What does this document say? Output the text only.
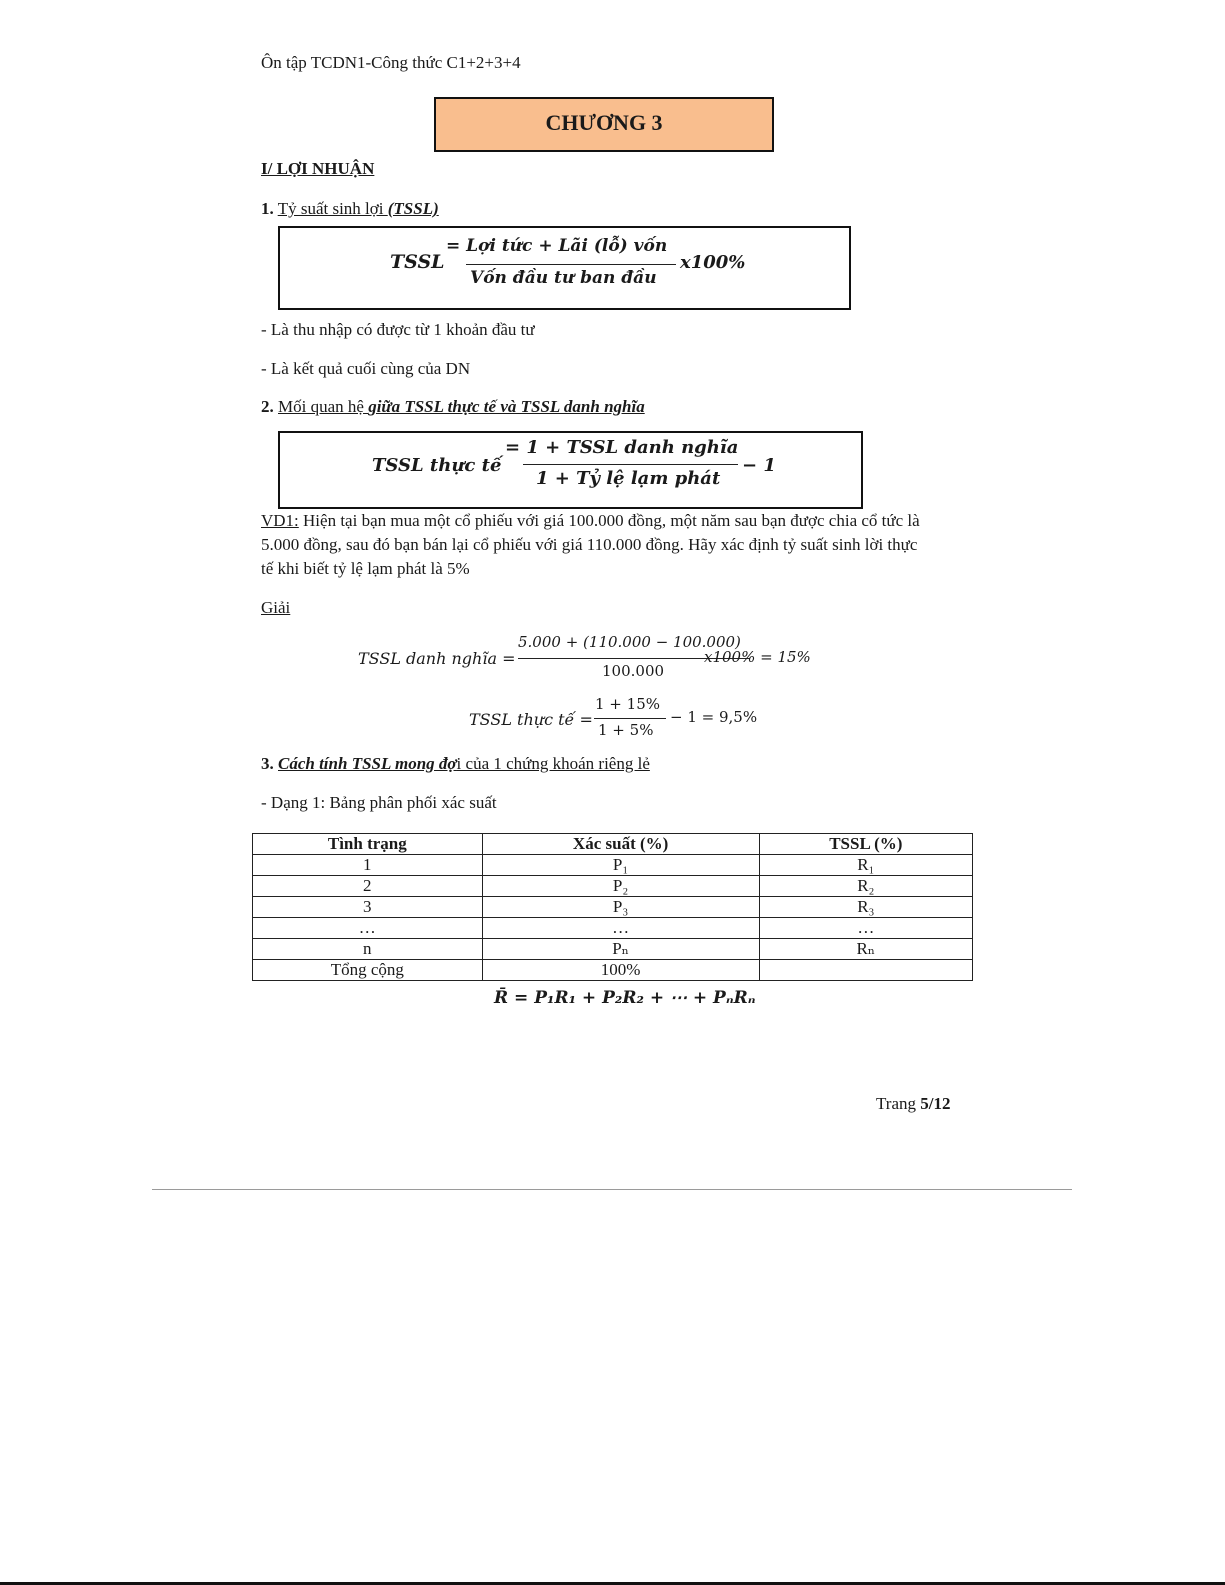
Ôn tập TCDN1-Công thức C1+2+3+4
CHƯƠNG 3
I/ LỢI NHUẬN
1. Tỷ suất sinh lợi (TSSL)
TSSL
= Lợi tức + Lãi (lỗ) vốn
Vốn đầu tư ban đầu
x100%
- Là thu nhập có được từ 1 khoản đầu tư
- Là kết quả cuối cùng của DN
2. Mối quan hệ giữa TSSL thực tế và TSSL danh nghĩa
TSSL thực tế
= 1 + TSSL danh nghĩa
1 + Tỷ lệ lạm phát
− 1
VD1: Hiện tại bạn mua một cổ phiếu với giá 100.000 đồng, một năm sau bạn được chia cổ tức là
5.000 đồng, sau đó bạn bán lại cổ phiếu với giá 110.000 đồng. Hãy xác định tỷ suất sinh lời thực
tế khi biết tỷ lệ lạm phát là 5%
Giải
TSSL danh nghĩa =
5.000 + (110.000 − 100.000)
100.000
x100% = 15%
TSSL thực tế =
1 + 15%
1 + 5%
− 1 = 9,5%
3. Cách tính TSSL mong đợi của 1 chứng khoán riêng lẻ
- Dạng 1: Bảng phân phối xác suất
Tình trạng	Xác suất (%)	TSSL (%)
1	P₁	R₁
2	P₂	R₂
3	P₃	R₃
…	…	…
n	Pₙ	Rₙ
Tổng cộng	100%	
R̄ = P₁R₁ + P₂R₂ + ⋯ + PₙRₙ
Trang 5/12
